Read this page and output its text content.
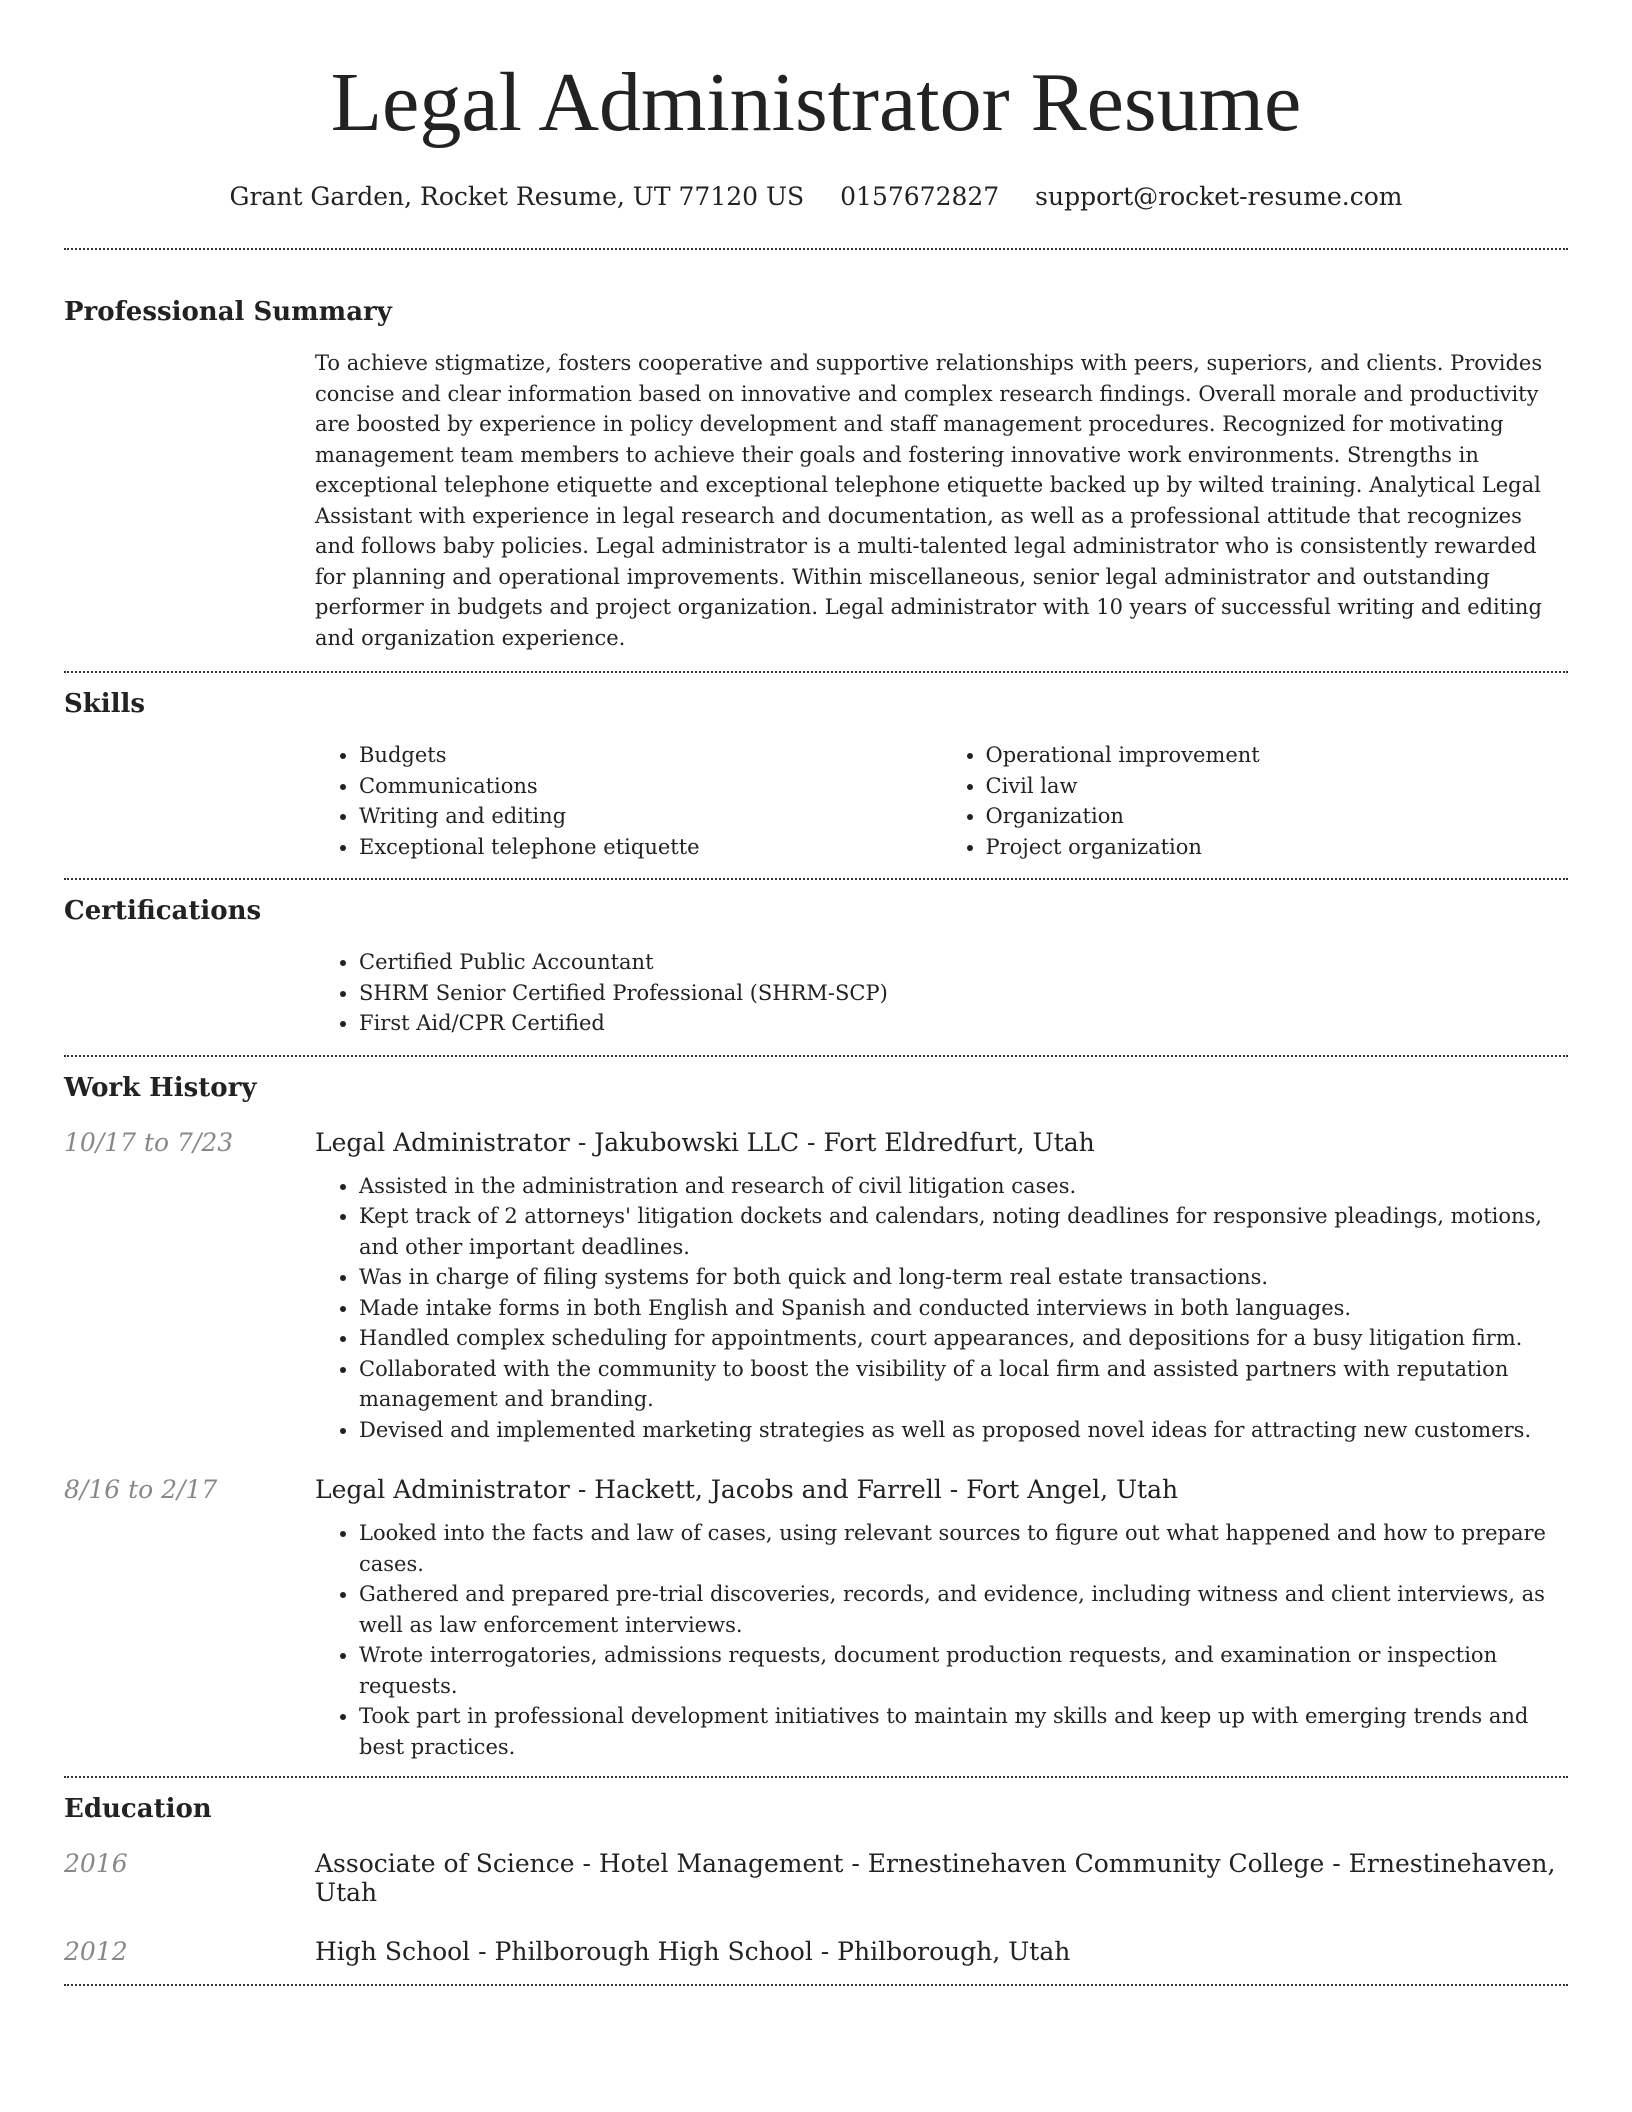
Legal Administrator Resume
Grant Garden, Rocket Resume, UT 77120 US 0157672827 support@rocket-resume.com
Professional Summary
To achieve stigmatize, fosters cooperative and supportive relationships with peers, superiors, and clients. Provides concise and clear information based on innovative and complex research findings. Overall morale and productivity are boosted by experience in policy development and staff management procedures. Recognized for motivating management team members to achieve their goals and fostering innovative work environments. Strengths in exceptional telephone etiquette and exceptional telephone etiquette backed up by wilted training. Analytical Legal Assistant with experience in legal research and documentation, as well as a professional attitude that recognizes and follows baby policies. Legal administrator is a multi-talented legal administrator who is consistently rewarded for planning and operational improvements. Within miscellaneous, senior legal administrator and outstanding performer in budgets and project organization. Legal administrator with 10 years of successful writing and editing and organization experience.
Skills
• Budgets
• Communications
• Writing and editing
• Exceptional telephone etiquette
• Operational improvement
• Civil law
• Organization
• Project organization
Certifications
• Certified Public Accountant
• SHRM Senior Certified Professional (SHRM-SCP)
• First Aid/CPR Certified
Work History
10/17 to 7/23	Legal Administrator - Jakubowski LLC - Fort Eldredfurt, Utah
• Assisted in the administration and research of civil litigation cases.
• Kept track of 2 attorneys' litigation dockets and calendars, noting deadlines for responsive pleadings, motions, and other important deadlines.
• Was in charge of filing systems for both quick and long-term real estate transactions.
• Made intake forms in both English and Spanish and conducted interviews in both languages.
• Handled complex scheduling for appointments, court appearances, and depositions for a busy litigation firm.
• Collaborated with the community to boost the visibility of a local firm and assisted partners with reputation management and branding.
• Devised and implemented marketing strategies as well as proposed novel ideas for attracting new customers.
8/16 to 2/17	Legal Administrator - Hackett, Jacobs and Farrell - Fort Angel, Utah
• Looked into the facts and law of cases, using relevant sources to figure out what happened and how to prepare cases.
• Gathered and prepared pre-trial discoveries, records, and evidence, including witness and client interviews, as well as law enforcement interviews.
• Wrote interrogatories, admissions requests, document production requests, and examination or inspection requests.
• Took part in professional development initiatives to maintain my skills and keep up with emerging trends and best practices.
Education
2016	Associate of Science - Hotel Management - Ernestinehaven Community College - Ernestinehaven, Utah
2012	High School - Philborough High School - Philborough, Utah
